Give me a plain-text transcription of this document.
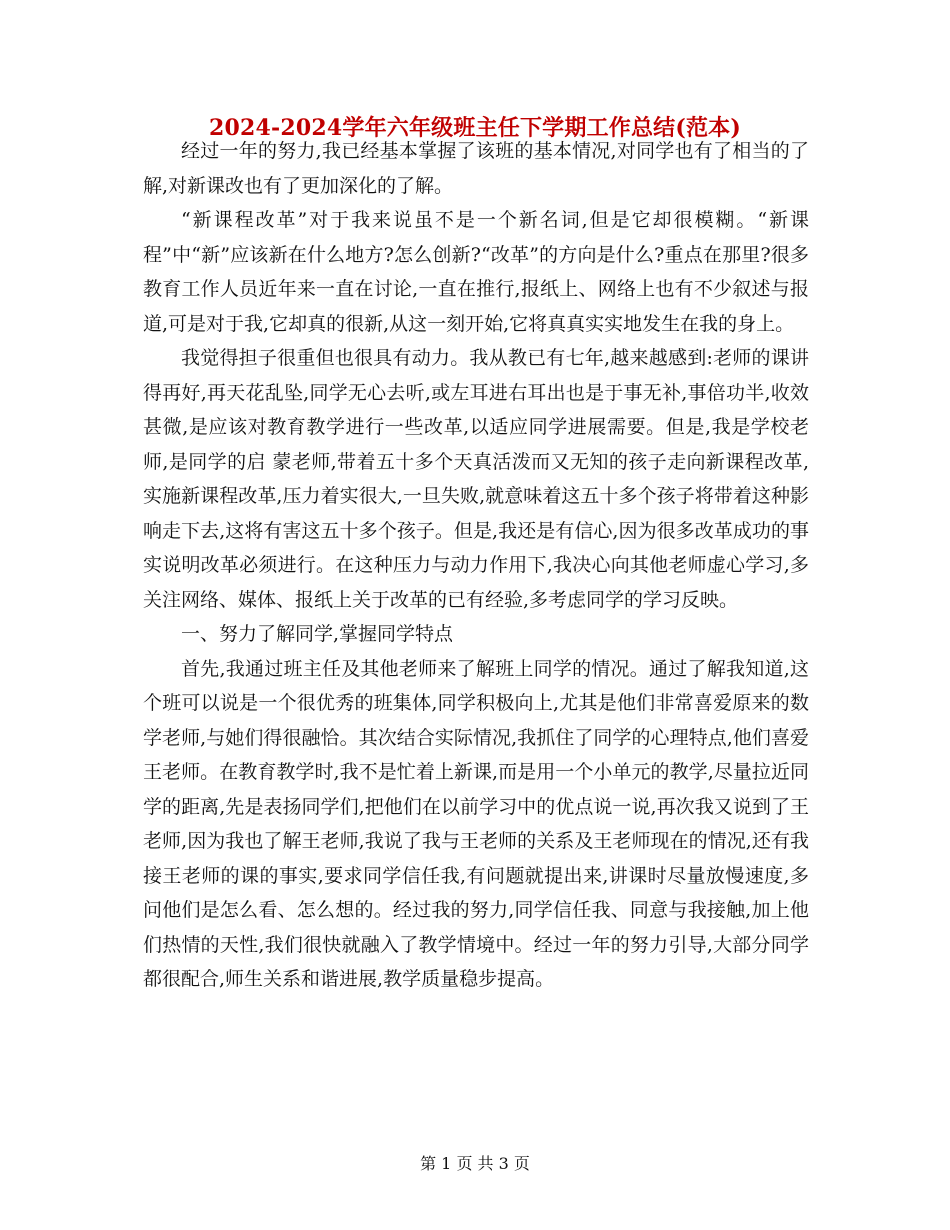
2024-2024学年六年级班主任下学期工作总结(范本)

经过一年的努力,我已经基本掌握了该班的基本情况,对同学也有了相当的了解,对新课改也有了更加深化的了解。

“新课程改革”对于我来说虽不是一个新名词,但是它却很模糊。“新课程”中“新”应该新在什么地方?怎么创新?“改革”的方向是什么?重点在那里?很多教育工作人员近年来一直在讨论,一直在推行,报纸上、网络上也有不少叙述与报道,可是对于我,它却真的很新,从这一刻开始,它将真真实实地发生在我的身上。

我觉得担子很重但也很具有动力。我从教已有七年,越来越感到:老师的课讲得再好,再天花乱坠,同学无心去听,或左耳进右耳出也是于事无补,事倍功半,收效甚微,是应该对教育教学进行一些改革,以适应同学进展需要。但是,我是学校老师,是同学的启 蒙老师,带着五十多个天真活泼而又无知的孩子走向新课程改革,实施新课程改革,压力着实很大,一旦失败,就意味着这五十多个孩子将带着这种影响走下去,这将有害这五十多个孩子。但是,我还是有信心,因为很多改革成功的事实说明改革必须进行。在这种压力与动力作用下,我决心向其他老师虚心学习,多关注网络、媒体、报纸上关于改革的已有经验,多考虑同学的学习反映。

一、努力了解同学,掌握同学特点

首先,我通过班主任及其他老师来了解班上同学的情况。通过了解我知道,这个班可以说是一个很优秀的班集体,同学积极向上,尤其是他们非常喜爱原来的数学老师,与她们得很融恰。其次结合实际情况,我抓住了同学的心理特点,他们喜爱王老师。在教育教学时,我不是忙着上新课,而是用一个小单元的教学,尽量拉近同学的距离,先是表扬同学们,把他们在以前学习中的优点说一说,再次我又说到了王老师,因为我也了解王老师,我说了我与王老师的关系及王老师现在的情况,还有我接王老师的课的事实,要求同学信任我,有问题就提出来,讲课时尽量放慢速度,多问他们是怎么看、怎么想的。经过我的努力,同学信任我、同意与我接触,加上他们热情的天性,我们很快就融入了教学情境中。经过一年的努力引导,大部分同学都很配合,师生关系和谐进展,教学质量稳步提高。

第 1 页 共 3 页
